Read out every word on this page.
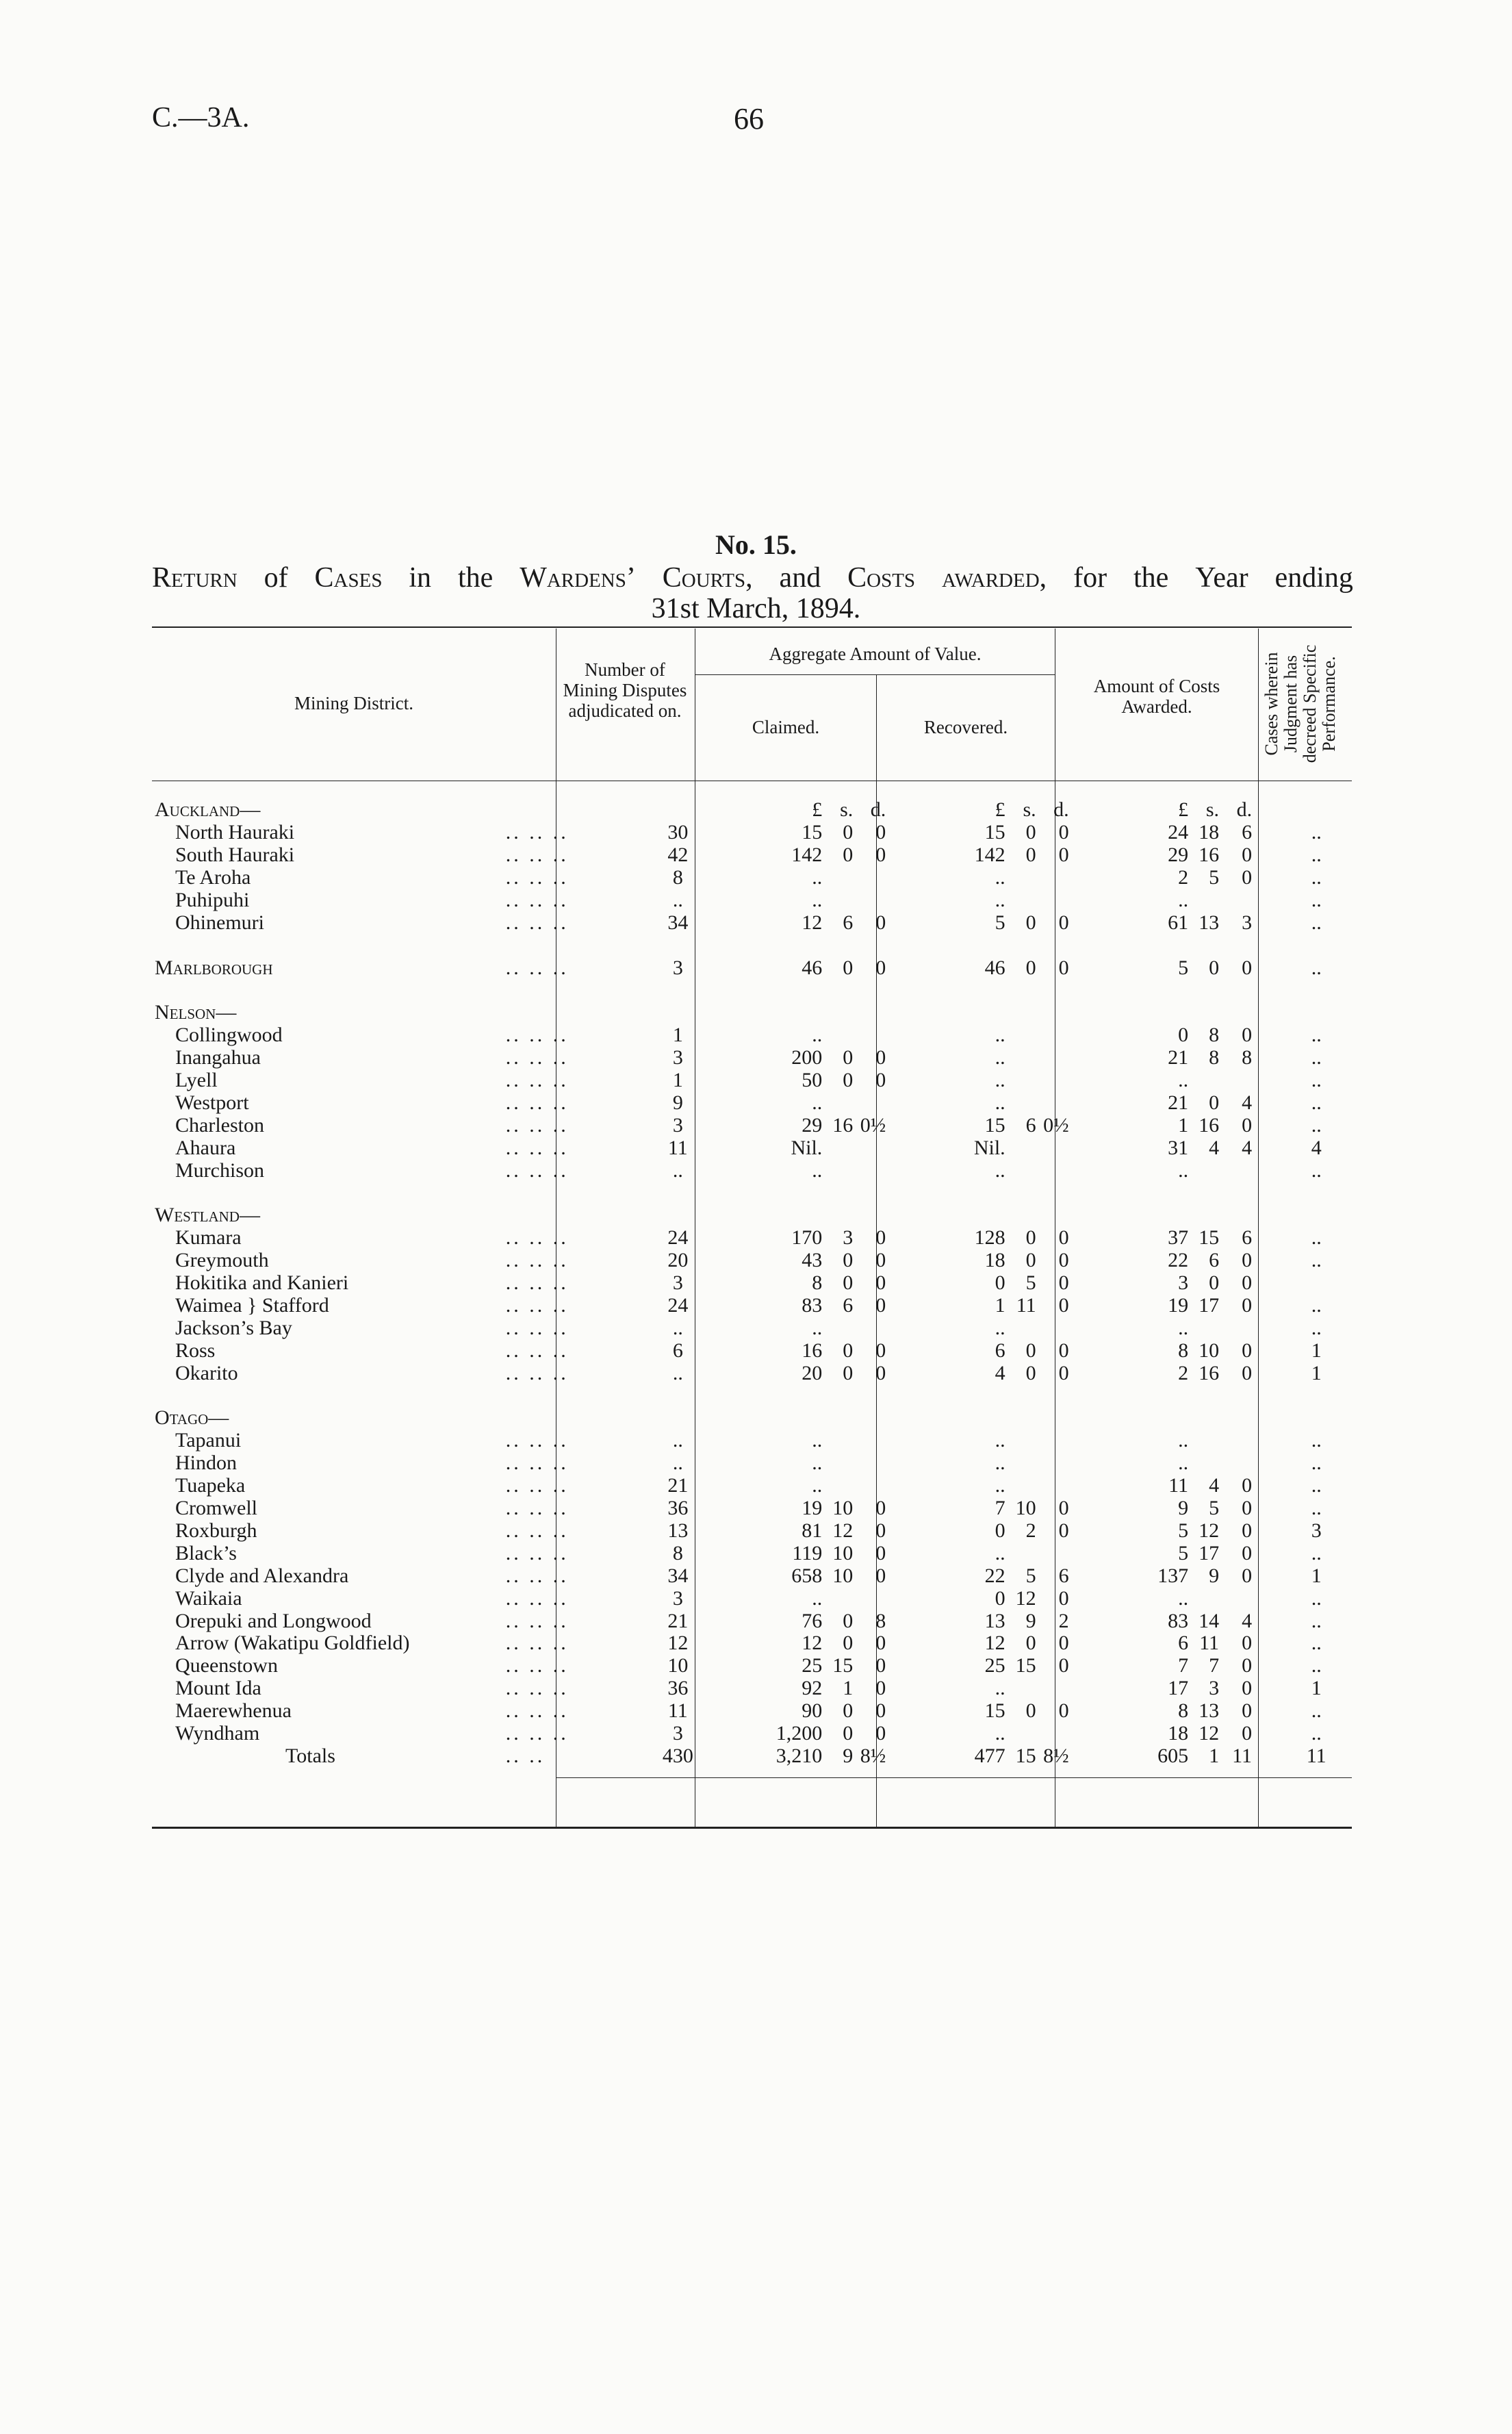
C.—3A.	66
No. 15.
Return of Cases in the Wardens’ Courts, and Costs awarded, for the Year ending
31st March, 1894.
Mining District.
Number of Mining Disputes adjudicated on.
Aggregate Amount of Value.
Claimed.	Recovered.
Amount of Costs Awarded.	Cases wherein Judgment has decreed Specific Performance.
Auckland—			£ s. d.	£ s. d.	£ s. d.	
North Hauraki	.. .. ..	30	15 0 0	15 0 0	24 18 6	..
South Hauraki	.. .. ..	42	142 0 0	142 0 0	29 16 0	..
Te Aroha	.. .. ..	8	..	..	2 5 0	..
Puhipuhi	.. .. ..	..	..	..	..	..
Ohinemuri	.. .. ..	34	12 6 0	5 0 0	61 13 3	..

Marlborough	.. .. ..	3	46 0 0	46 0 0	5 0 0	..

Nelson—						
Collingwood	.. .. ..	1	..	..	0 8 0	..
Inangahua	.. .. ..	3	200 0 0	..	21 8 8	..
Lyell	.. .. ..	1	50 0 0	..	..	..
Westport	.. .. ..	9	..	..	21 0 4	..
Charleston	.. .. ..	3	29 16 0½	15 6 0½	1 16 0	..
Ahaura	.. .. ..	11	Nil.	Nil.	31 4 4	4
Murchison	.. .. ..	..	..	..	..	..

Westland—						
Kumara	.. .. ..	24	170 3 0	128 0 0	37 15 6	..
Greymouth	.. .. ..	20	43 0 0	18 0 0	22 6 0	..
Hokitika and Kanieri	.. .. ..	3	8 0 0	0 5 0	3 0 0	
Waimea } Stafford	.. .. ..	24	83 6 0	1 11 0	19 17 0	..
Jackson’s Bay	.. .. ..	..	..	..	..	..
Ross	.. .. ..	6	16 0 0	6 0 0	8 10 0	1
Okarito	.. .. ..	..	20 0 0	4 0 0	2 16 0	1

Otago—						
Tapanui	.. .. ..	..	..	..	..	..
Hindon	.. .. ..	..	..	..	..	..
Tuapeka	.. .. ..	21	..	..	11 4 0	..
Cromwell	.. .. ..	36	19 10 0	7 10 0	9 5 0	..
Roxburgh	.. .. ..	13	81 12 0	0 2 0	5 12 0	3
Black’s	.. .. ..	8	119 10 0	..	5 17 0	..
Clyde and Alexandra	.. .. ..	34	658 10 0	22 5 6	137 9 0	1
Waikaia	.. .. ..	3	..	0 12 0	..	..
Orepuki and Longwood	.. .. ..	21	76 0 8	13 9 2	83 14 4	..
Arrow (Wakatipu Goldfield)	.. .. ..	12	12 0 0	12 0 0	6 11 0	..
Queenstown	.. .. ..	10	25 15 0	25 15 0	7 7 0	..
Mount Ida	.. .. ..	36	92 1 0	..	17 3 0	1
Maerewhenua	.. .. ..	11	90 0 0	15 0 0	8 13 0	..
Wyndham	.. .. ..	3	1,200 0 0	..	18 12 0	..
Totals	.. ..	430	3,210 9 8½	477 15 8½	605 1 11	11
